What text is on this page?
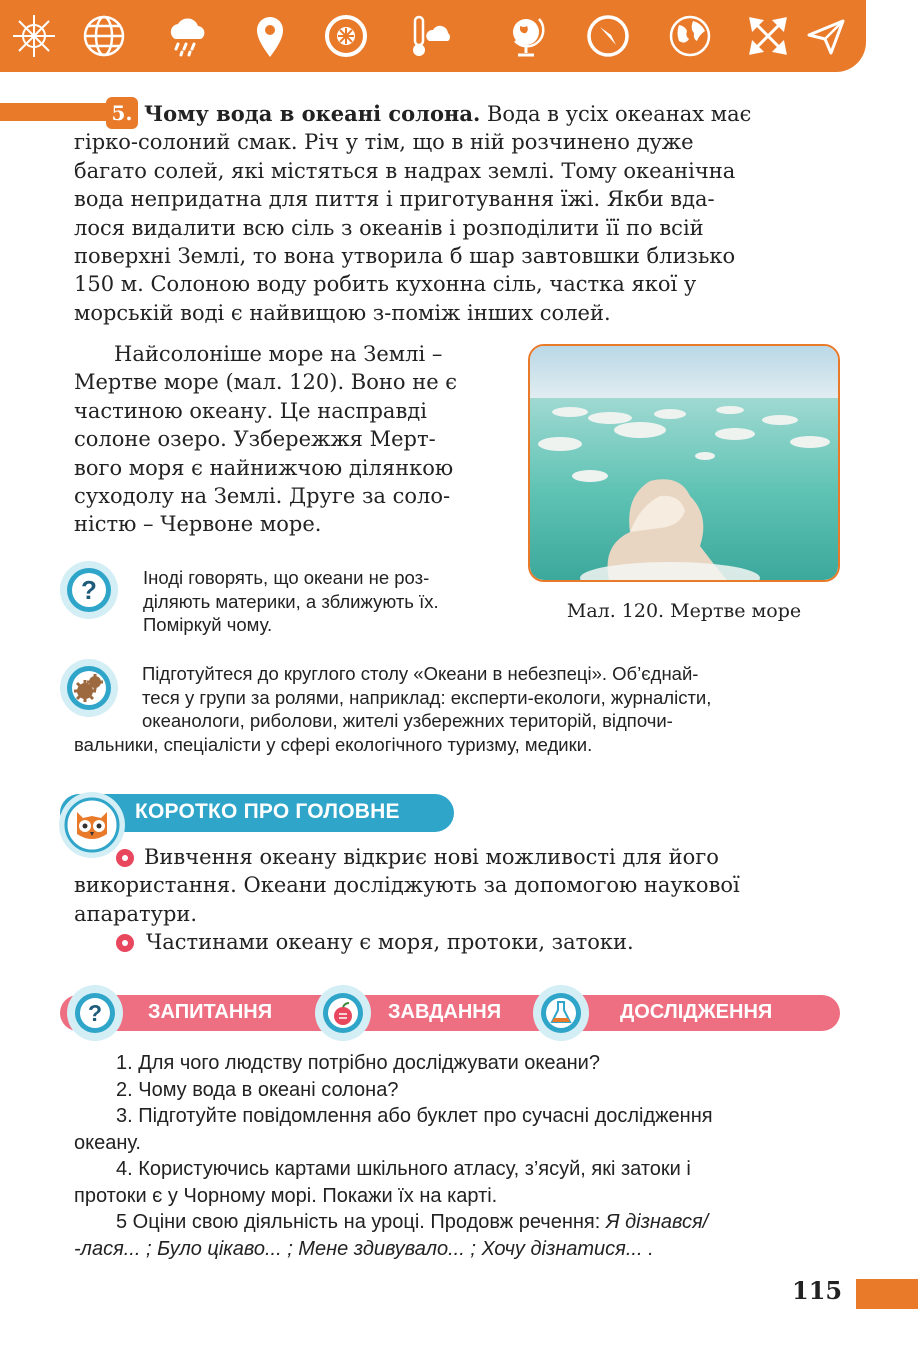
5. Чому вода в океані солона. Вода в усіх океанах має
гірко-солоний смак. Річ у тім, що в ній розчинено дуже
багато солей, які містяться в надрах землі. Тому океанічна
вода непридатна для пиття і приготування їжі. Якби вда-
лося видалити всю сіль з океанів і розподілити її по всій
поверхні Землі, то вона утворила б шар завтовшки близько
150 м. Солоною воду робить кухонна сіль, частка якої у
морській воді є найвищою з-поміж інших солей.
Найсолоніше море на Землі –
Мертве море (мал. 120). Воно не є
частиною океану. Це насправді
солоне озеро. Узбережжя Мерт-
вого моря є найнижчою ділянкою
суходолу на Землі. Друге за соло-
ністю – Червоне море.
Мал. 120. Мертве море
? Іноді говорять, що океани не роз-
діляють материки, а зближують їх.
Поміркуй чому.
Підготуйтеся до круглого столу «Океани в небезпеці». Об’єднай-
теся у групи за ролями, наприклад: експерти-екологи, журналісти,
океанологи, риболови, жителі узбережних територій, відпочи-
вальники, спеціалісти у сфері екологічного туризму, медики.
КОРОТКО ПРО ГОЛОВНЕ
Вивчення океану відкриє нові можливості для його
використання. Океани досліджують за допомогою наукової
апаратури.
Частинами океану є моря, протоки, затоки.
? ЗАПИТАННЯ	ЗАВДАННЯ	ДОСЛІДЖЕННЯ
1. Для чого людству потрібно досліджувати океани?
2. Чому вода в океані солона?
3. Підготуйте повідомлення або буклет про сучасні дослідження
океану.
4. Користуючись картами шкільного атласу, з’ясуй, які затоки і
протоки є у Чорному морі. Покажи їх на карті.
5 Оціни свою діяльність на уроці. Продовж речення: Я дізнався/
-лася... ; Було цікаво... ; Мене здивувало... ; Хочу дізнатися... .
115
